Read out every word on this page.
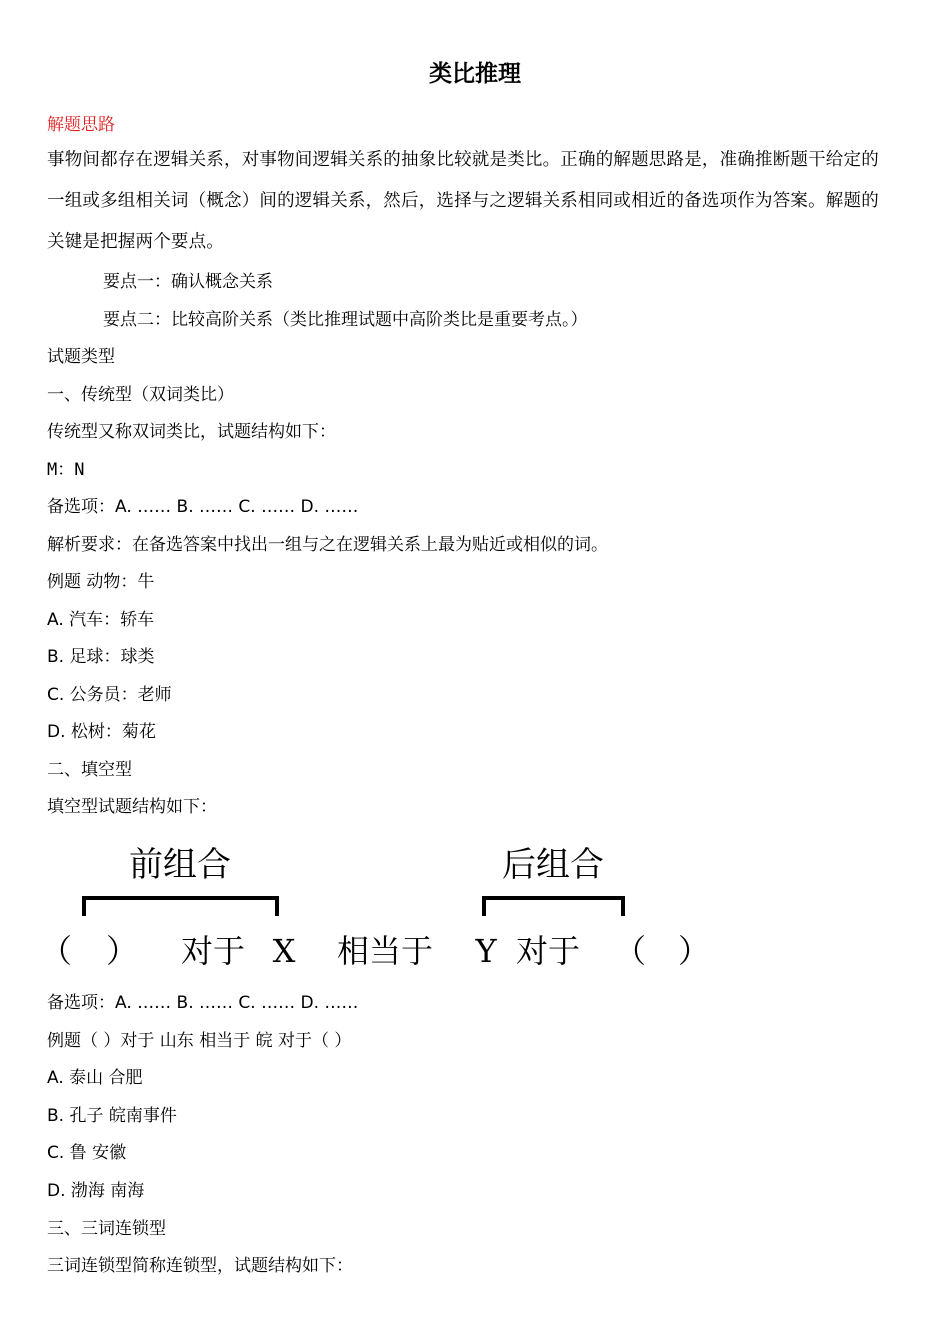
类比推理
解题思路
事物间都存在逻辑关系，对事物间逻辑关系的抽象比较就是类比。正确的解题思路是，准确推断题干给定的一组或多组相关词（概念）间的逻辑关系，然后，选择与之逻辑关系相同或相近的备选项作为答案。解题的关键是把握两个要点。
要点一：确认概念关系
要点二：比较高阶关系（类比推理试题中高阶类比是重要考点。）
试题类型
一、传统型（双词类比）
传统型又称双词类比，试题结构如下：
M：N
备选项：A. …… B. …… C. …… D. ……
解析要求：在备选答案中找出一组与之在逻辑关系上最为贴近或相似的词。
例题 动物：牛
A. 汽车：轿车
B. 足球：球类
C. 公务员：老师
D. 松树：菊花
二、填空型
填空型试题结构如下：
前组合	后组合
（ ） 对于 X 相当于 Y 对于 （ ）
备选项：A. …… B. …… C. …… D. ……
例题（ ）对于 山东 相当于 皖 对于（ ）
A. 泰山 合肥
B. 孔子 皖南事件
C. 鲁 安徽
D. 渤海 南海
三、三词连锁型
三词连锁型简称连锁型，试题结构如下：
